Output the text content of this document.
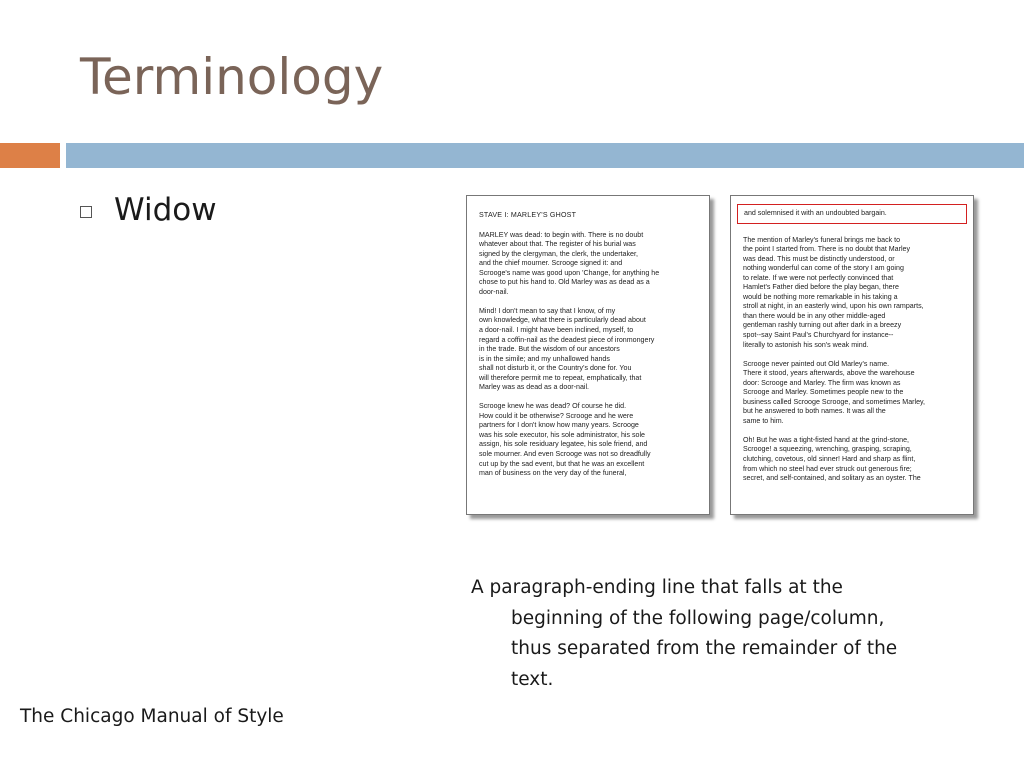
Terminology
Widow	STAVE I: MARLEY'S GHOST
MARLEY was dead: to begin with. There is no doubt
whatever about that. The register of his burial was
signed by the clergyman, the clerk, the undertaker,
and the chief mourner. Scrooge signed it: and
Scrooge's name was good upon 'Change, for anything he
chose to put his hand to. Old Marley was as dead as a
door-nail.
Mind! I don't mean to say that I know, of my
own knowledge, what there is particularly dead about
a door-nail. I might have been inclined, myself, to
regard a coffin-nail as the deadest piece of ironmongery
in the trade. But the wisdom of our ancestors
is in the simile; and my unhallowed hands
shall not disturb it, or the Country's done for. You
will therefore permit me to repeat, emphatically, that
Marley was as dead as a door-nail.
Scrooge knew he was dead? Of course he did.
How could it be otherwise? Scrooge and he were
partners for I don't know how many years. Scrooge
was his sole executor, his sole administrator, his sole
assign, his sole residuary legatee, his sole friend, and
sole mourner. And even Scrooge was not so dreadfully
cut up by the sad event, but that he was an excellent
man of business on the very day of the funeral,
and solemnised it with an undoubted bargain.
The mention of Marley's funeral brings me back to
the point I started from. There is no doubt that Marley
was dead. This must be distinctly understood, or
nothing wonderful can come of the story I am going
to relate. If we were not perfectly convinced that
Hamlet's Father died before the play began, there
would be nothing more remarkable in his taking a
stroll at night, in an easterly wind, upon his own ramparts,
than there would be in any other middle-aged
gentleman rashly turning out after dark in a breezy
spot--say Saint Paul's Churchyard for instance--
literally to astonish his son's weak mind.
Scrooge never painted out Old Marley's name.
There it stood, years afterwards, above the warehouse
door: Scrooge and Marley. The firm was known as
Scrooge and Marley. Sometimes people new to the
business called Scrooge Scrooge, and sometimes Marley,
but he answered to both names. It was all the
same to him.
Oh! But he was a tight-fisted hand at the grind-stone,
Scrooge! a squeezing, wrenching, grasping, scraping,
clutching, covetous, old sinner! Hard and sharp as flint,
from which no steel had ever struck out generous fire;
secret, and self-contained, and solitary as an oyster. The
A paragraph-ending line that falls at the
beginning of the following page/column,
thus separated from the remainder of the
text.
The Chicago Manual of Style
